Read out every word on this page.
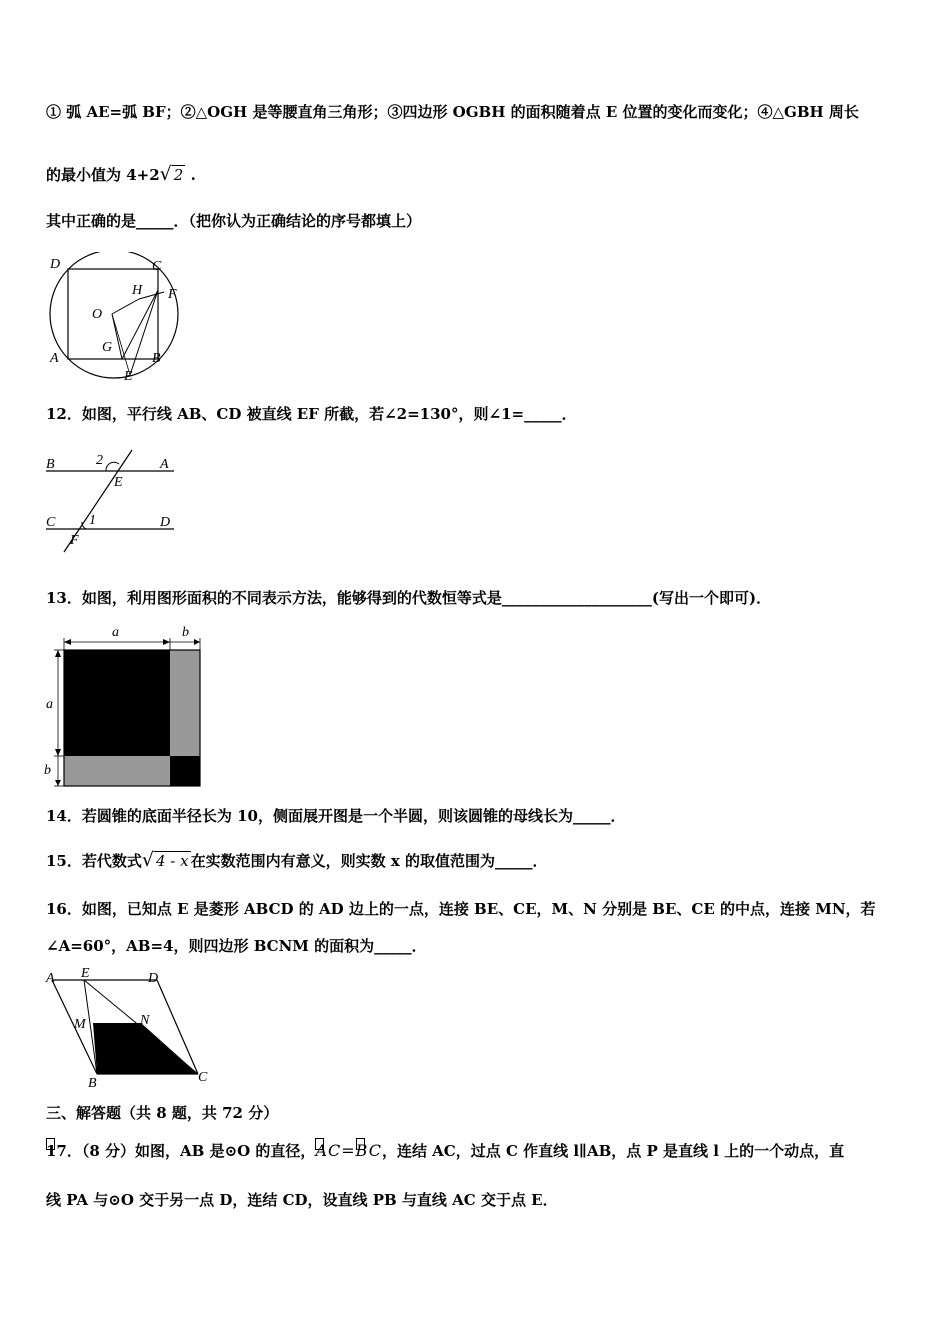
① 弧 AE=弧 BF；②△OGH 是等腰直角三角形；③四边形 OGBH 的面积随着点 E 位置的变化而变化；④△GBH 周长
的最小值为 4+2√ 2 .
其中正确的是_____．（把你认为正确结论的序号都填上）
D	C
H F
O
G
A	B
E
12．如图，平行线 AB、CD 被直线 EF 所截，若∠2=130°，则∠1=_____．
B	2	A
E
C 1	D
F
13．如图，利用图形面积的不同表示方法，能够得到的代数恒等式是____________________(写出一个即可)．
a	b
a
b
14．若圆锥的底面半径长为 10，侧面展开图是一个半圆，则该圆锥的母线长为_____．
15．若代数式√ 4 - x 在实数范围内有意义，则实数 x 的取值范围为_____．
16．如图，已知点 E 是菱形 ABCD 的 AD 边上的一点，连接 BE、CE，M、N 分别是 BE、CE 的中点，连接 MN，若
∠A=60°，AB=4，则四边形 BCNM 的面积为_____．
A E	D
M	N
B	C
三、解答题（共 8 题，共 72 分）
17．（8 分）如图，AB 是⊙O 的直径，AC=BC，连结 AC，过点 C 作直线 l∥AB，点 P 是直线 l 上的一个动点，直
线 PA 与⊙O 交于另一点 D，连结 CD，设直线 PB 与直线 AC 交于点 E．
